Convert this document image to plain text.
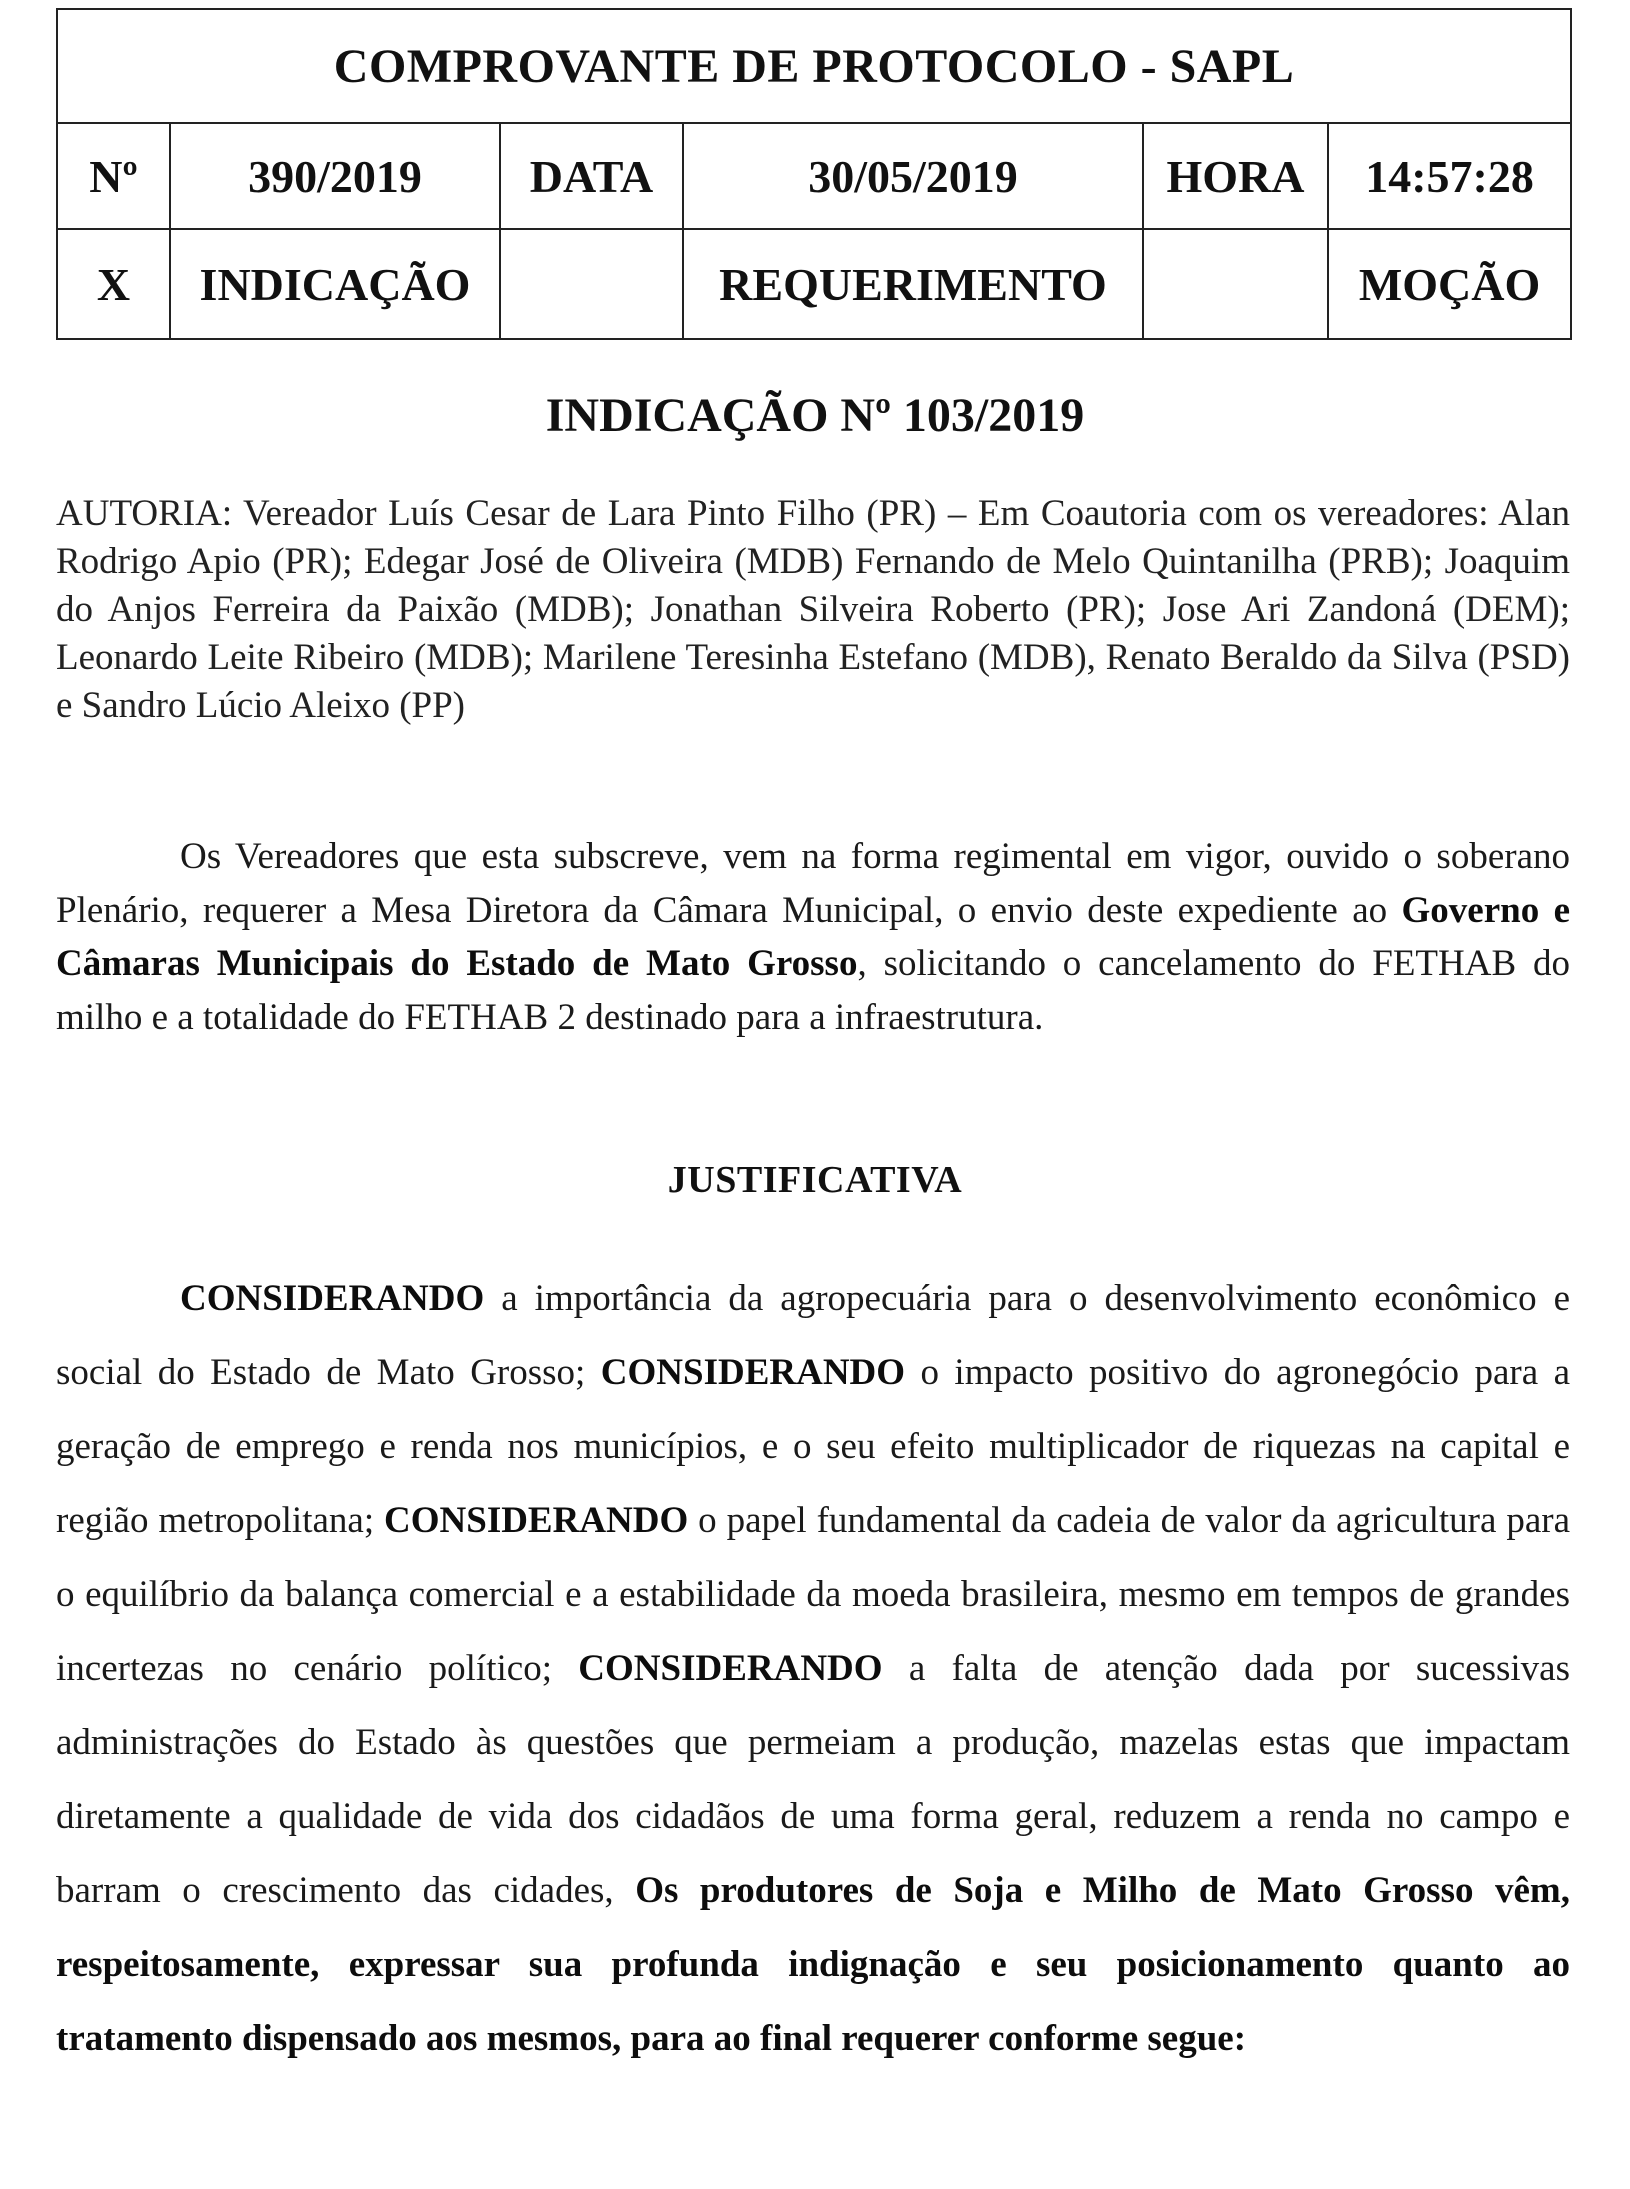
COMPROVANTE DE PROTOCOLO - SAPL					
Nº	390/2019	DATA	30/05/2019	HORA	14:57:28
X	INDICAÇÃO		REQUERIMENTO		MOÇÃO
INDICAÇÃO Nº 103/2019

AUTORIA: Vereador Luís Cesar de Lara Pinto Filho (PR) – Em Coautoria com os vereadores: Alan Rodrigo Apio (PR); Edegar José de Oliveira (MDB) Fernando de Melo Quintanilha (PRB); Joaquim do Anjos Ferreira da Paixão (MDB); Jonathan Silveira Roberto (PR); Jose Ari Zandoná (DEM); Leonardo Leite Ribeiro (MDB); Marilene Teresinha Estefano (MDB), Renato Beraldo da Silva (PSD) e Sandro Lúcio Aleixo (PP)

Os Vereadores que esta subscreve, vem na forma regimental em vigor, ouvido o soberano Plenário, requerer a Mesa Diretora da Câmara Municipal, o envio deste expediente ao Governo e Câmaras Municipais do Estado de Mato Grosso, solicitando o cancelamento do FETHAB do milho e a totalidade do FETHAB 2 destinado para a infraestrutura.

JUSTIFICATIVA

CONSIDERANDO a importância da agropecuária para o desenvolvimento econômico e social do Estado de Mato Grosso; CONSIDERANDO o impacto positivo do agronegócio para a geração de emprego e renda nos municípios, e o seu efeito multiplicador de riquezas na capital e região metropolitana; CONSIDERANDO o papel fundamental da cadeia de valor da agricultura para o equilíbrio da balança comercial e a estabilidade da moeda brasileira, mesmo em tempos de grandes incertezas no cenário político; CONSIDERANDO a falta de atenção dada por sucessivas administrações do Estado às questões que permeiam a produção, mazelas estas que impactam diretamente a qualidade de vida dos cidadãos de uma forma geral, reduzem a renda no campo e barram o crescimento das cidades, Os produtores de Soja e Milho de Mato Grosso vêm, respeitosamente, expressar sua profunda indignação e seu posicionamento quanto ao tratamento dispensado aos mesmos, para ao final requerer conforme segue:
